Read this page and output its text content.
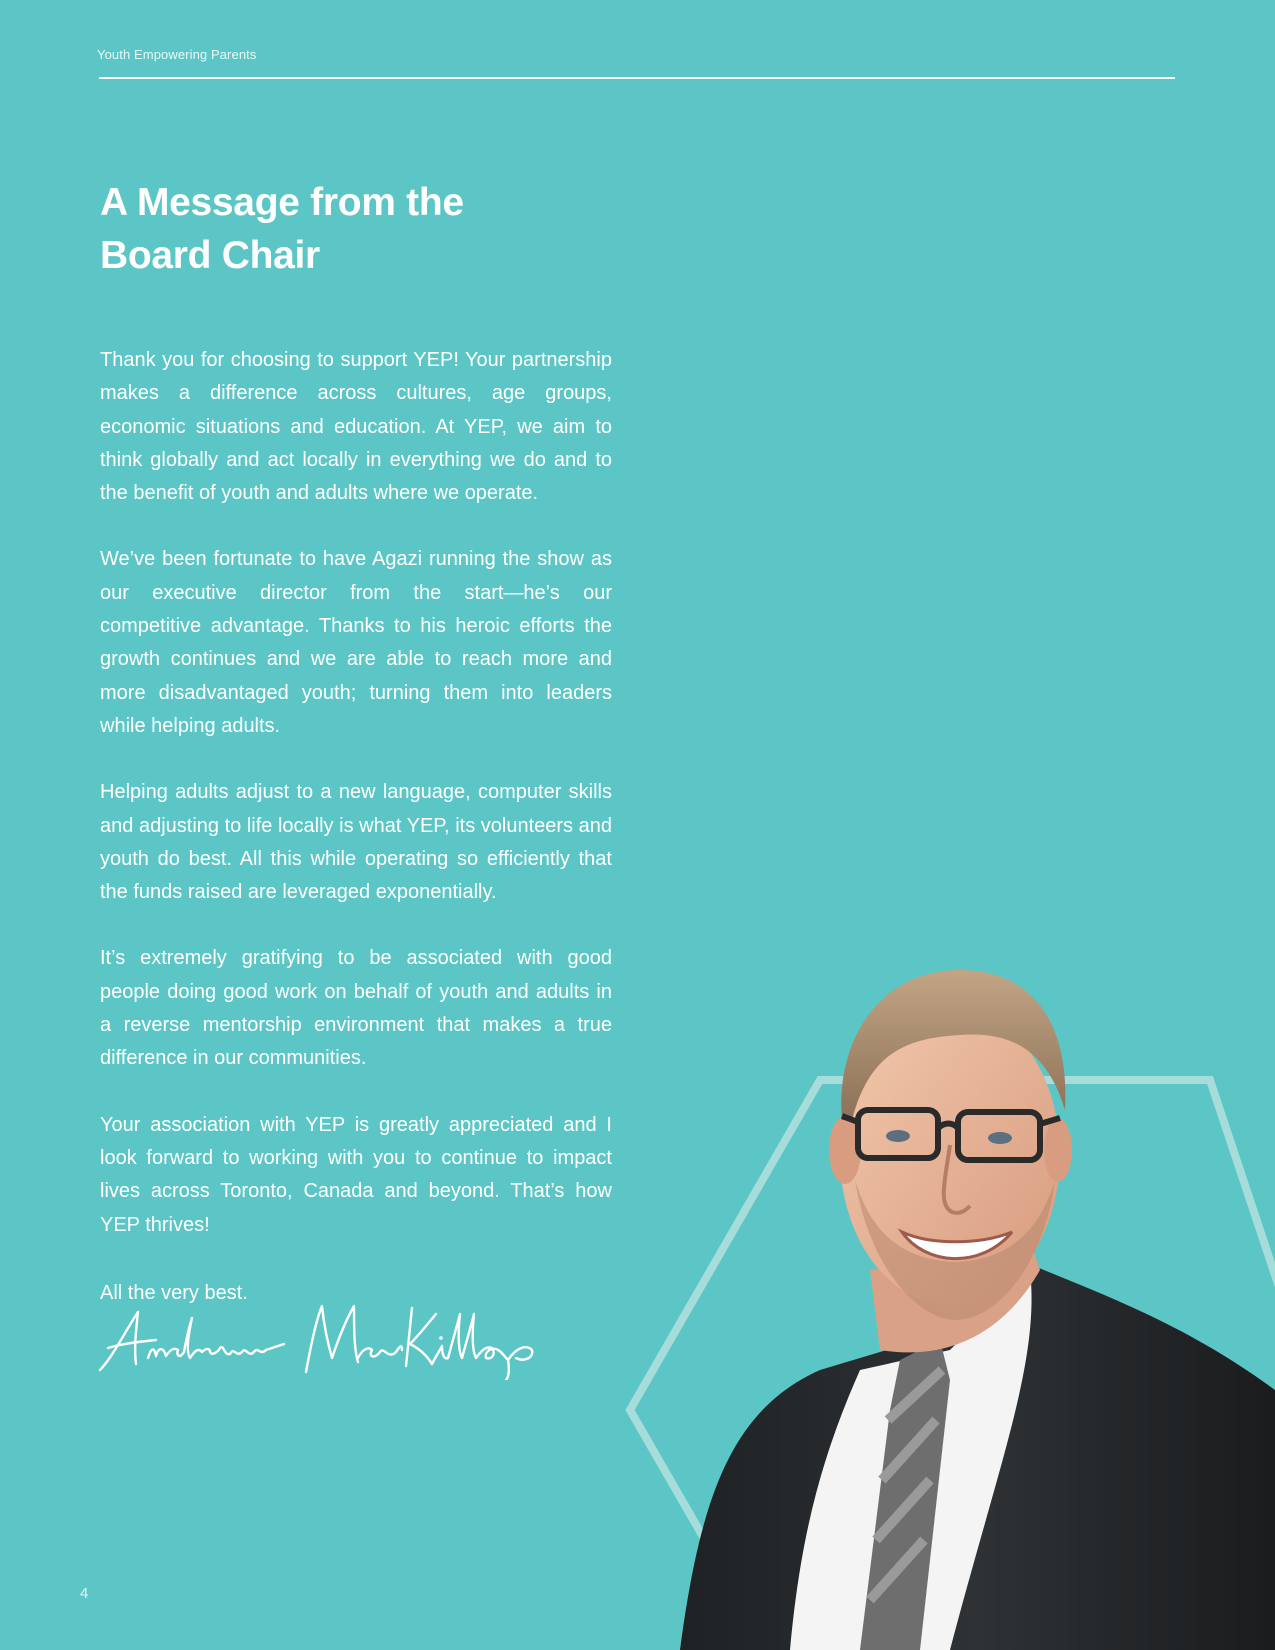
Youth Empowering Parents
A Message from the
Board Chair

Thank you for choosing to support YEP! Your partnership makes a difference across cultures, age groups, economic situations and education. At YEP, we aim to think globally and act locally in everything we do and to the benefit of youth and adults where we operate.

We’ve been fortunate to have Agazi running the show as our executive director from the start—he’s our competitive advantage. Thanks to his heroic efforts the growth continues and we are able to reach more and more disadvantaged youth; turning them into leaders while helping adults.

Helping adults adjust to a new language, computer skills and adjusting to life locally is what YEP, its volunteers and youth do best. All this while operating so efficiently that the funds raised are leveraged exponentially.

It’s extremely gratifying to be associated with good people doing good work on behalf of youth and adults in a reverse mentorship environment that makes a true difference in our communities.

Your association with YEP is greatly appreciated and I look forward to working with you to continue to impact lives across Toronto, Canada and beyond. That’s how YEP thrives!

All the very best.
4
